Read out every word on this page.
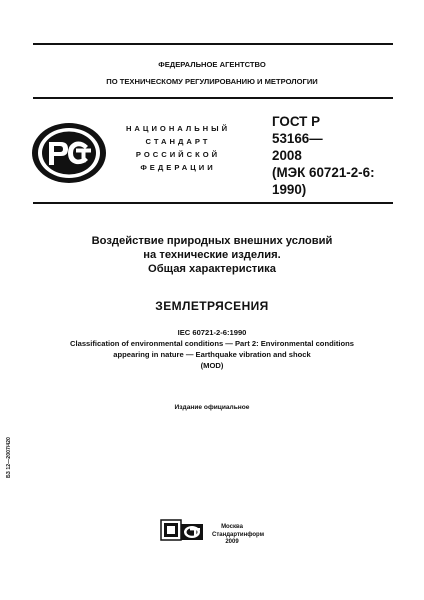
ФЕДЕРАЛЬНОЕ АГЕНТСТВО
ПО ТЕХНИЧЕСКОМУ РЕГУЛИРОВАНИЮ И МЕТРОЛОГИИ
НАЦИОНАЛЬНЫЙ
СТАНДАРТ
РОССИЙСКОЙ
ФЕДЕРАЦИИ
ГОСТ Р
53166—
2008
(МЭК 60721-2-6:
1990)
Воздействие природных внешних условий
на технические изделия.
Общая характеристика
ЗЕМЛЕТРЯСЕНИЯ
IEC 60721-2-6:1990
Classification of environmental conditions — Part 2: Environmental conditions
appearing in nature — Earthquake vibration and shock
(MOD)
Издание официальное
БЗ 12—2007/420
Москва
Стандартинформ
2009
